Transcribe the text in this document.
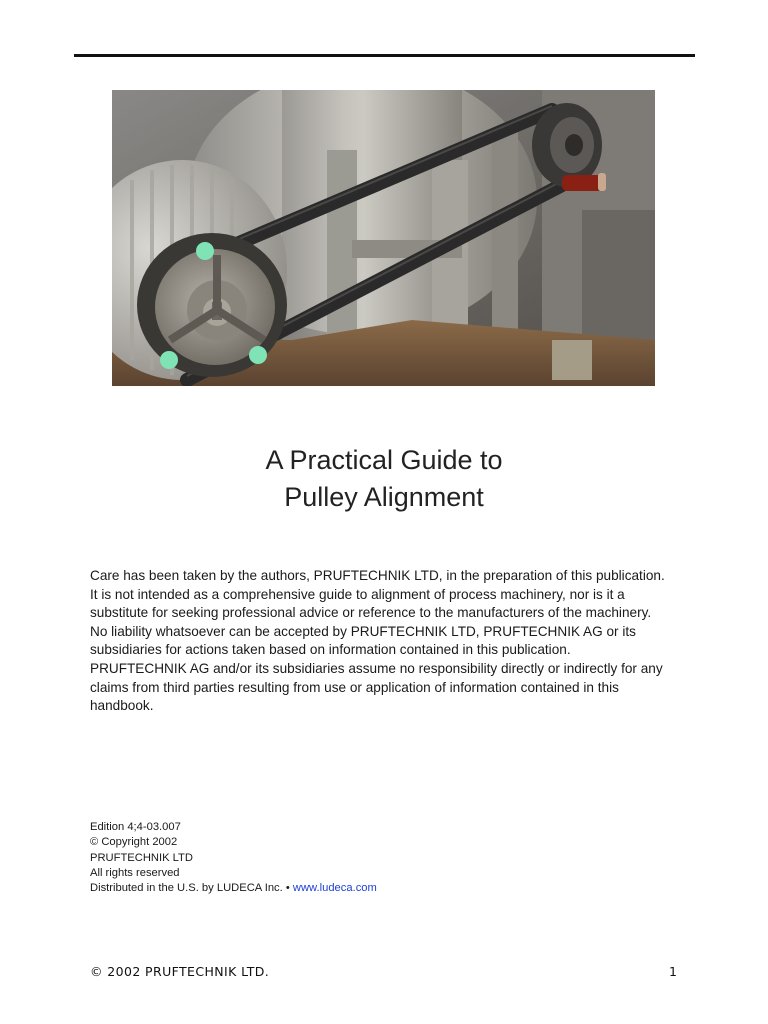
A Practical Guide to
Pulley Alignment
Care has been taken by the authors, PRUFTECHNIK LTD, in the preparation of this publication.
It is not intended as a comprehensive guide to alignment of process machinery, nor is it a
substitute for seeking professional advice or reference to the manufacturers of the machinery.
No liability whatsoever can be accepted by PRUFTECHNIK LTD, PRUFTECHNIK AG or its
subsidiaries for actions taken based on information contained in this publication.
PRUFTECHNIK AG and/or its subsidiaries assume no responsibility directly or indirectly for any
claims from third parties resulting from use or application of information contained in this
handbook.
Edition 4;4-03.007
© Copyright 2002
PRUFTECHNIK LTD
All rights reserved
Distributed in the U.S. by LUDECA Inc. • www.ludeca.com
© 2002 PRUFTECHNIK LTD.	1
